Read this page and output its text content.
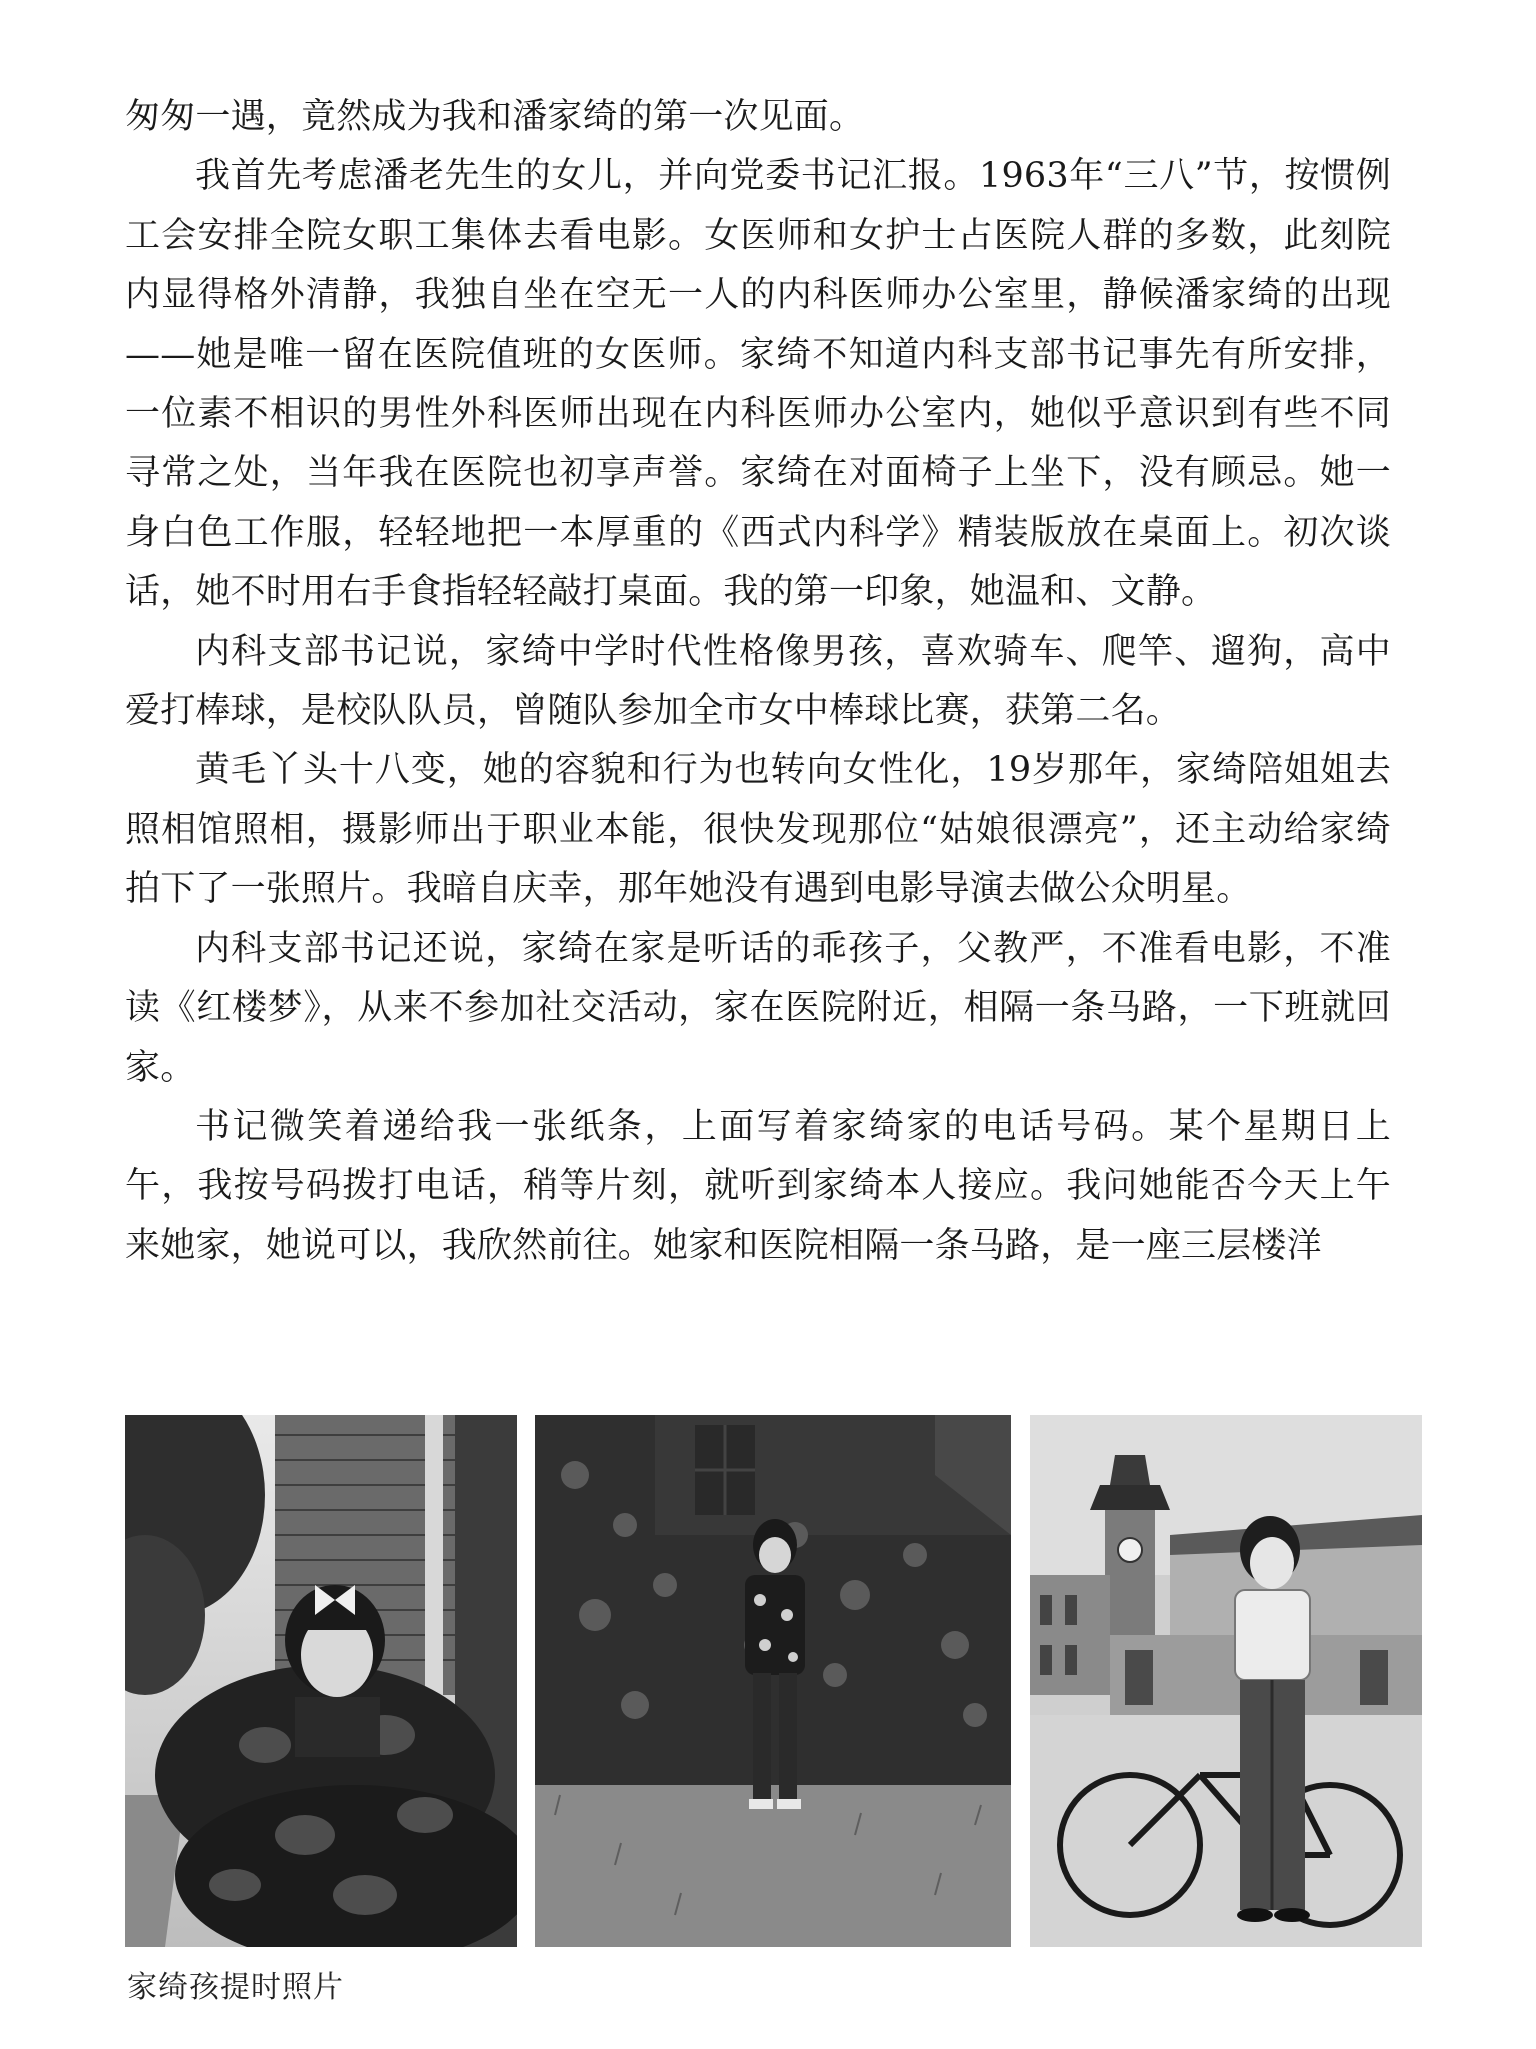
匆匆一遇，竟然成为我和潘家绮的第一次见面。

我首先考虑潘老先生的女儿，并向党委书记汇报。1963年“三八”节，按惯例工会安排全院女职工集体去看电影。女医师和女护士占医院人群的多数，此刻院内显得格外清静，我独自坐在空无一人的内科医师办公室里，静候潘家绮的出现——她是唯一留在医院值班的女医师。家绮不知道内科支部书记事先有所安排，一位素不相识的男性外科医师出现在内科医师办公室内，她似乎意识到有些不同寻常之处，当年我在医院也初享声誉。家绮在对面椅子上坐下，没有顾忌。她一身白色工作服，轻轻地把一本厚重的《西式内科学》精装版放在桌面上。初次谈话，她不时用右手食指轻轻敲打桌面。我的第一印象，她温和、文静。

内科支部书记说，家绮中学时代性格像男孩，喜欢骑车、爬竿、遛狗，高中爱打棒球，是校队队员，曾随队参加全市女中棒球比赛，获第二名。

黄毛丫头十八变，她的容貌和行为也转向女性化，19岁那年，家绮陪姐姐去照相馆照相，摄影师出于职业本能，很快发现那位“姑娘很漂亮”，还主动给家绮拍下了一张照片。我暗自庆幸，那年她没有遇到电影导演去做公众明星。

内科支部书记还说，家绮在家是听话的乖孩子，父教严，不准看电影，不准读《红楼梦》，从来不参加社交活动，家在医院附近，相隔一条马路，一下班就回家。

书记微笑着递给我一张纸条，上面写着家绮家的电话号码。某个星期日上午，我按号码拨打电话，稍等片刻，就听到家绮本人接应。我问她能否今天上午来她家，她说可以，我欣然前往。她家和医院相隔一条马路，是一座三层楼洋

家绮孩提时照片
